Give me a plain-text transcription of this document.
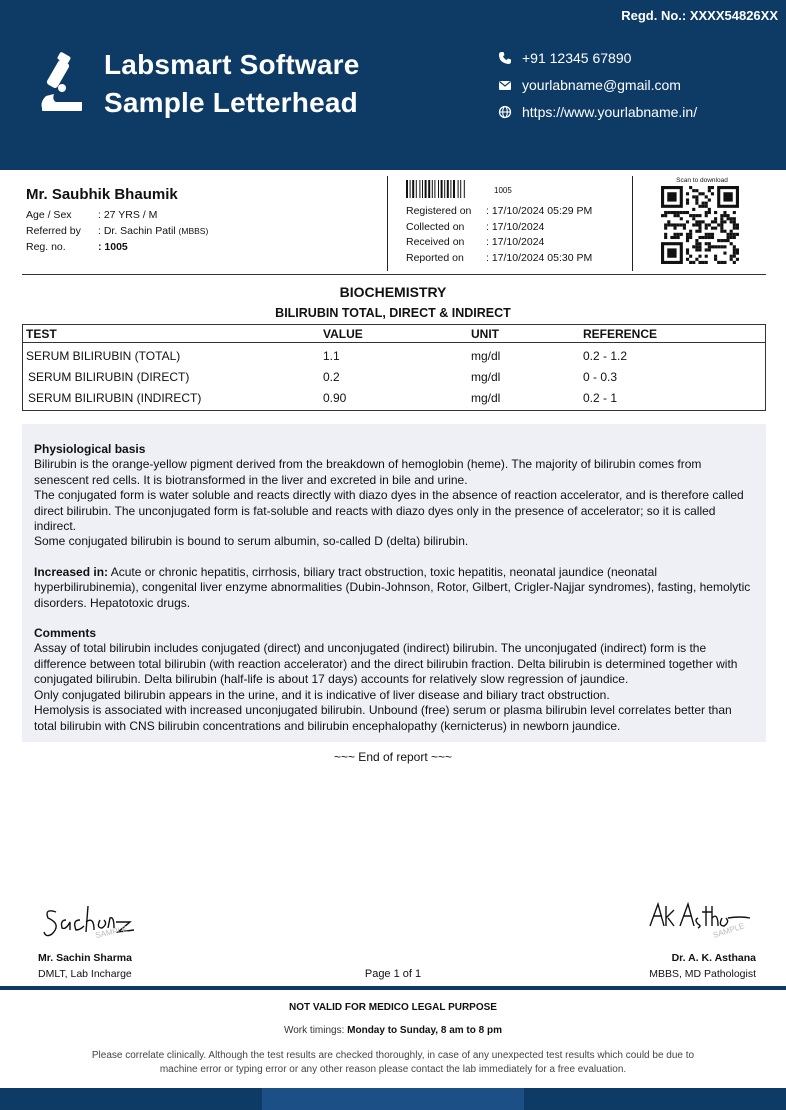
Regd. No.: XXXX54826XX
Labsmart Software
Sample Letterhead
+91 12345 67890
yourlabname@gmail.com
https://www.yourlabname.in/
Mr. Saubhik Bhaumik
Age / Sex	: 27 YRS / M
Referred by	: Dr. Sachin Patil
(MBBS)
Reg. no.	: 1005
1005
Registered on	: 17/10/2024 05:29 PM
Collected on	: 17/10/2024
Received on	: 17/10/2024
Reported on	: 17/10/2024 05:30 PM
Scan to download
BIOCHEMISTRY
BILIRUBIN TOTAL, DIRECT & INDIRECT
TEST	VALUE	UNIT	REFERENCE
SERUM BILIRUBIN (TOTAL)	1.1	mg/dl	0.2 - 1.2
SERUM BILIRUBIN (DIRECT)	0.2	mg/dl	0 - 0.3
SERUM BILIRUBIN (INDIRECT)	0.90	mg/dl	0.2 - 1

Physiological basis

Bilirubin is the orange-yellow pigment derived from the breakdown of hemoglobin (heme). The majority of bilirubin comes from senescent red cells. It is biotransformed in the liver and excreted in bile and urine.

The conjugated form is water soluble and reacts directly with diazo dyes in the absence of reaction accelerator, and is therefore called direct bilirubin. The unconjugated form is fat-soluble and reacts with diazo dyes only in the presence of accelerator; so it is called indirect.

Some conjugated bilirubin is bound to serum albumin, so-called D (delta) bilirubin.

Increased in: Acute or chronic hepatitis, cirrhosis, biliary tract obstruction, toxic hepatitis, neonatal jaundice (neonatal hyperbilirubinemia), congenital liver enzyme abnormalities (Dubin-Johnson, Rotor, Gilbert, Crigler-Najjar syndromes), fasting, hemolytic disorders. Hepatotoxic drugs.

Comments

Assay of total bilirubin includes conjugated (direct) and unconjugated (indirect) bilirubin. The unconjugated (indirect) form is the difference between total bilirubin (with reaction accelerator) and the direct bilirubin fraction. Delta bilirubin is determined together with conjugated bilirubin. Delta bilirubin (half-life is about 17 days) accounts for relatively slow regression of jaundice.

Only conjugated bilirubin appears in the urine, and it is indicative of liver disease and biliary tract obstruction.

Hemolysis is associated with increased unconjugated bilirubin. Unbound (free) serum or plasma bilirubin level correlates better than total bilirubin with CNS bilirubin concentrations and bilirubin encephalopathy (kernicterus) in newborn jaundice.

~~~ End of report ~~~
SAMPLE
Mr. Sachin Sharma
DMLT, Lab Incharge
SAMPLE
Dr. A. K. Asthana
MBBS, MD Pathologist
Page 1 of 1
NOT VALID FOR MEDICO LEGAL PURPOSE
Work timings: Monday to Sunday, 8 am to 8 pm
Please correlate clinically. Although the test results are checked thoroughly, in case of any unexpected test results which could be due to machine error or typing error or any other reason please contact the lab immediately for a free evaluation.
